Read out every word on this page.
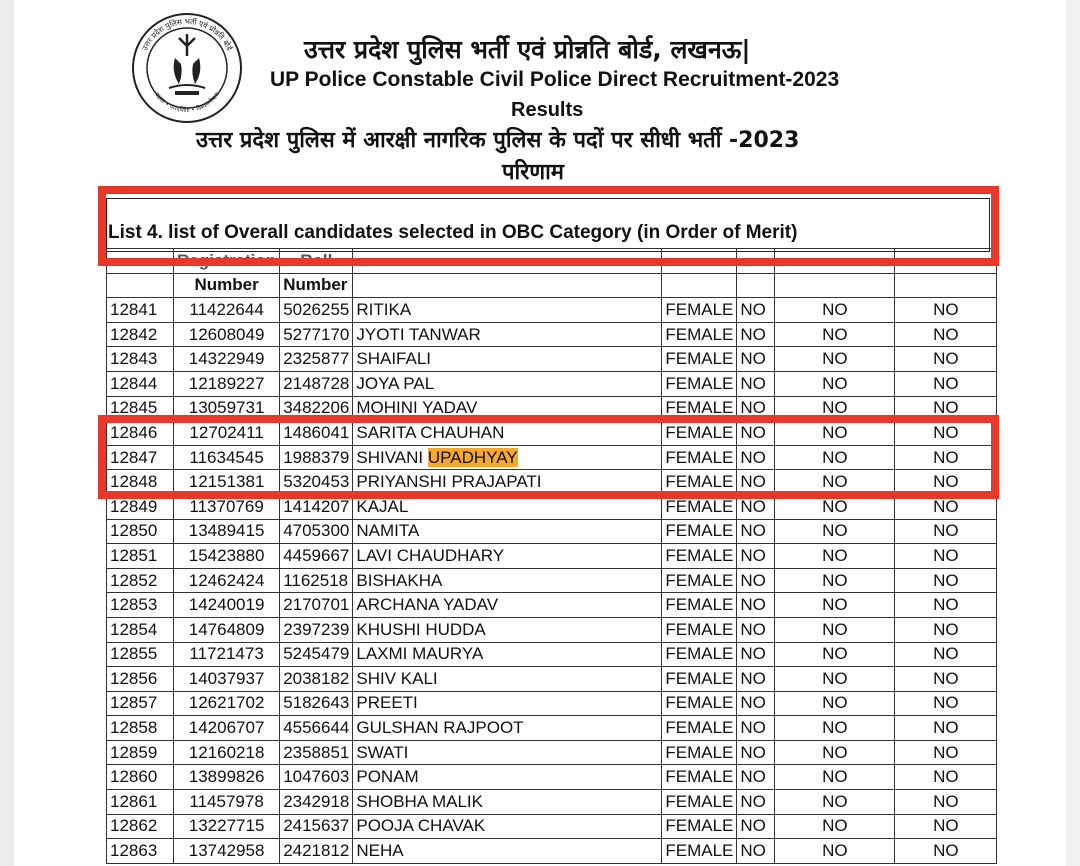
उत्तर प्रदेश पुलिस भर्ती एवं प्रोन्नति बोर्ड
दक्षता • पारदर्शिता • विश्वसनीयता
उत्तर प्रदेश पुलिस भर्ती एवं प्रोन्नति बोर्ड, लखनऊ|
UP Police Constable Civil Police Direct Recruitment-2023
Results
उत्तर प्रदेश पुलिस में आरक्षी नागरिक पुलिस के पदों पर सीधी भर्ती -2023
परिणाम
List 4. list of Overall candidates selected in OBC Category (in Order of Merit)
	Registration	Roll					
	Number	Number					
12841	11422644	5026255	RITIKA	FEMALE	NO	NO	NO
12842	12608049	5277170	JYOTI TANWAR	FEMALE	NO	NO	NO
12843	14322949	2325877	SHAIFALI	FEMALE	NO	NO	NO
12844	12189227	2148728	JOYA PAL	FEMALE	NO	NO	NO
12845	13059731	3482206	MOHINI YADAV	FEMALE	NO	NO	NO
12846	12702411	1486041	SARITA CHAUHAN	FEMALE	NO	NO	NO
12847	11634545	1988379	SHIVANI UPADHYAY	FEMALE	NO	NO	NO
12848	12151381	5320453	PRIYANSHI PRAJAPATI	FEMALE	NO	NO	NO
12849	11370769	1414207	KAJAL	FEMALE	NO	NO	NO
12850	13489415	4705300	NAMITA	FEMALE	NO	NO	NO
12851	15423880	4459667	LAVI CHAUDHARY	FEMALE	NO	NO	NO
12852	12462424	1162518	BISHAKHA	FEMALE	NO	NO	NO
12853	14240019	2170701	ARCHANA YADAV	FEMALE	NO	NO	NO
12854	14764809	2397239	KHUSHI HUDDA	FEMALE	NO	NO	NO
12855	11721473	5245479	LAXMI MAURYA	FEMALE	NO	NO	NO
12856	14037937	2038182	SHIV KALI	FEMALE	NO	NO	NO
12857	12621702	5182643	PREETI	FEMALE	NO	NO	NO
12858	14206707	4556644	GULSHAN RAJPOOT	FEMALE	NO	NO	NO
12859	12160218	2358851	SWATI	FEMALE	NO	NO	NO
12860	13899826	1047603	PONAM	FEMALE	NO	NO	NO
12861	11457978	2342918	SHOBHA MALIK	FEMALE	NO	NO	NO
12862	13227715	2415637	POOJA CHAVAK	FEMALE	NO	NO	NO
12863	13742958	2421812	NEHA	FEMALE	NO	NO	NO
